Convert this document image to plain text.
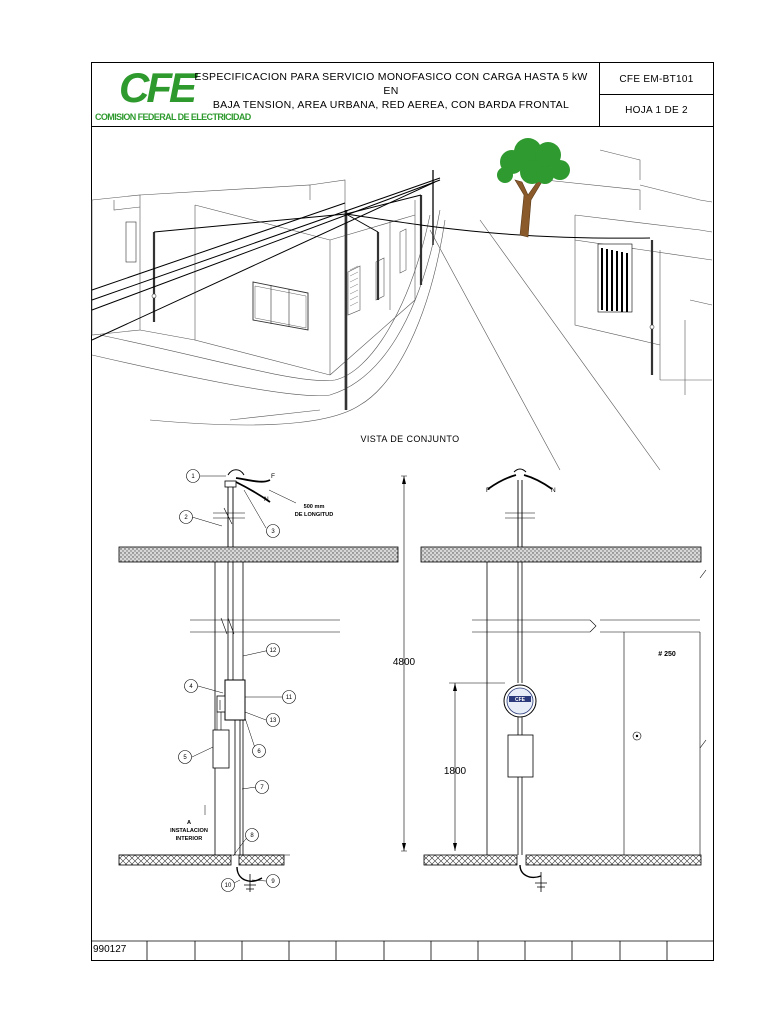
CFE
COMISION FEDERAL DE ELECTRICIDAD
ESPECIFICACION PARA SERVICIO MONOFASICO CON CARGA HASTA 5 kW EN
BAJA TENSION, AREA URBANA, RED AEREA, CON BARDA FRONTAL
CFE EM-BT101
HOJA 1 DE 2
1
2
3
4
5
6
7
8
9
10
11
12
13
F
N
500 mm
DE LONGITUD
A
INSTALACION
INTERIOR
F	N
4800
1800
# 250
CFE
VISTA DE CONJUNTO
990127
